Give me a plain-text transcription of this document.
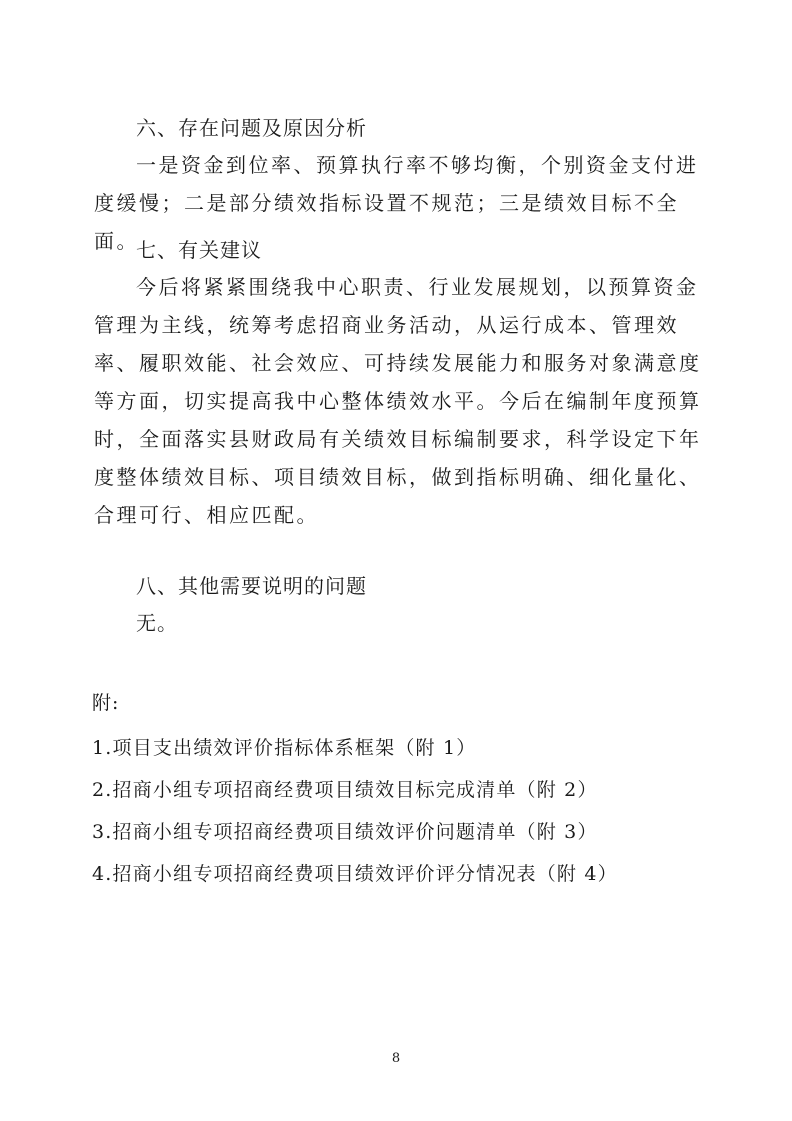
六、存在问题及原因分析

一是资金到位率、预算执行率不够均衡，个别资金支付进度缓慢；二是部分绩效指标设置不规范；三是绩效目标不全面。

七、有关建议

今后将紧紧围绕我中心职责、行业发展规划，以预算资金管理为主线，统筹考虑招商业务活动，从运行成本、管理效率、履职效能、社会效应、可持续发展能力和服务对象满意度等方面，切实提高我中心整体绩效水平。今后在编制年度预算时，全面落实县财政局有关绩效目标编制要求，科学设定下年度整体绩效目标、项目绩效目标，做到指标明确、细化量化、合理可行、相应匹配。

八、其他需要说明的问题
无。
附:
1.项目支出绩效评价指标体系框架（附 1）
2.招商小组专项招商经费项目绩效目标完成清单（附 2）
3.招商小组专项招商经费项目绩效评价问题清单（附 3）
4.招商小组专项招商经费项目绩效评价评分情况表（附 4）
8
